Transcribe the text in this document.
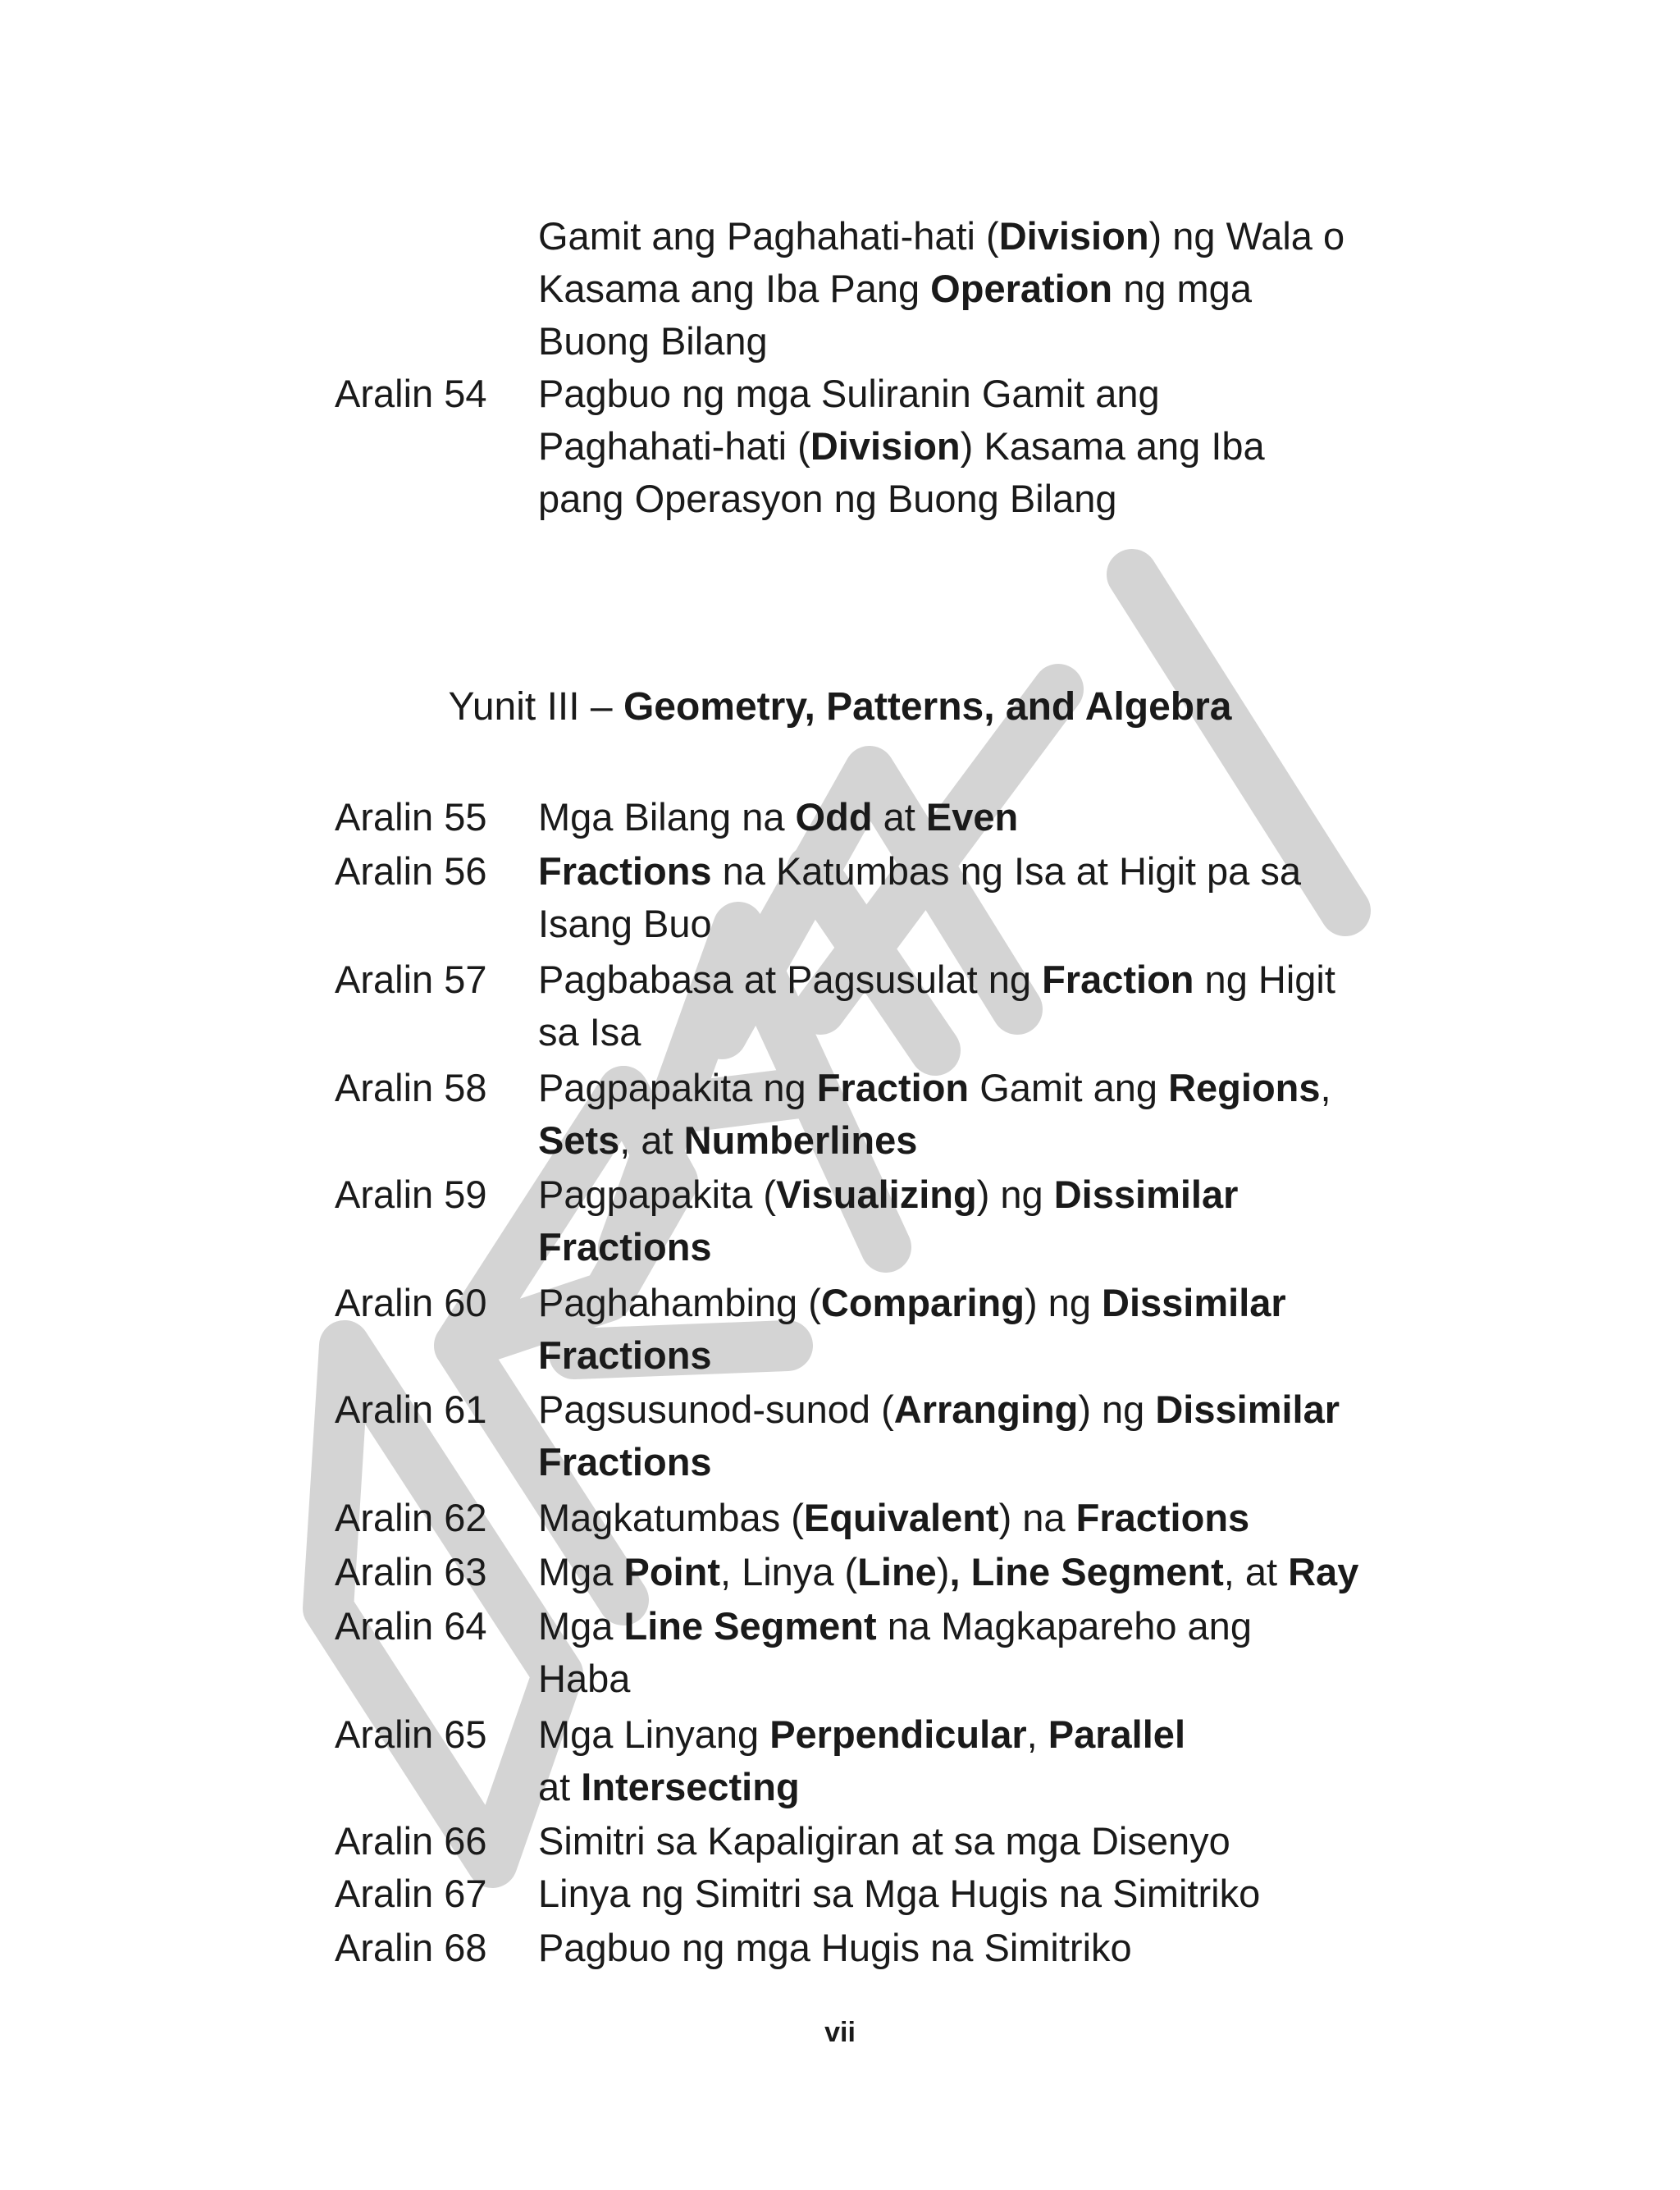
Gamit ang Paghahati-hati (Division) ng Wala o
Kasama ang Iba Pang Operation ng mga
Buong Bilang
Aralin 54	Pagbuo ng mga Suliranin Gamit ang
Paghahati-hati (Division) Kasama ang Iba
pang Operasyon ng Buong Bilang
Yunit III – Geometry, Patterns, and Algebra
Aralin 55	Mga Bilang na Odd at Even
Aralin 56	Fractions na Katumbas ng Isa at Higit pa sa
Isang Buo
Aralin 57	Pagbabasa at Pagsusulat ng Fraction ng Higit
sa Isa
Aralin 58	Pagpapakita ng Fraction Gamit ang Regions,
Sets, at Numberlines
Aralin 59	Pagpapakita (Visualizing) ng Dissimilar
Fractions
Aralin 60	Paghahambing (Comparing) ng Dissimilar
Fractions
Aralin 61	Pagsusunod-sunod (Arranging) ng Dissimilar
Fractions
Aralin 62	Magkatumbas (Equivalent) na Fractions
Aralin 63	Mga Point, Linya (Line), Line Segment, at Ray
Aralin 64	Mga Line Segment na Magkapareho ang
Haba
Aralin 65	Mga Linyang Perpendicular, Parallel
at Intersecting
Aralin 66	Simitri sa Kapaligiran at sa mga Disenyo
Aralin 67	Linya ng Simitri sa Mga Hugis na Simitriko
Aralin 68	Pagbuo ng mga Hugis na Simitriko
vii
